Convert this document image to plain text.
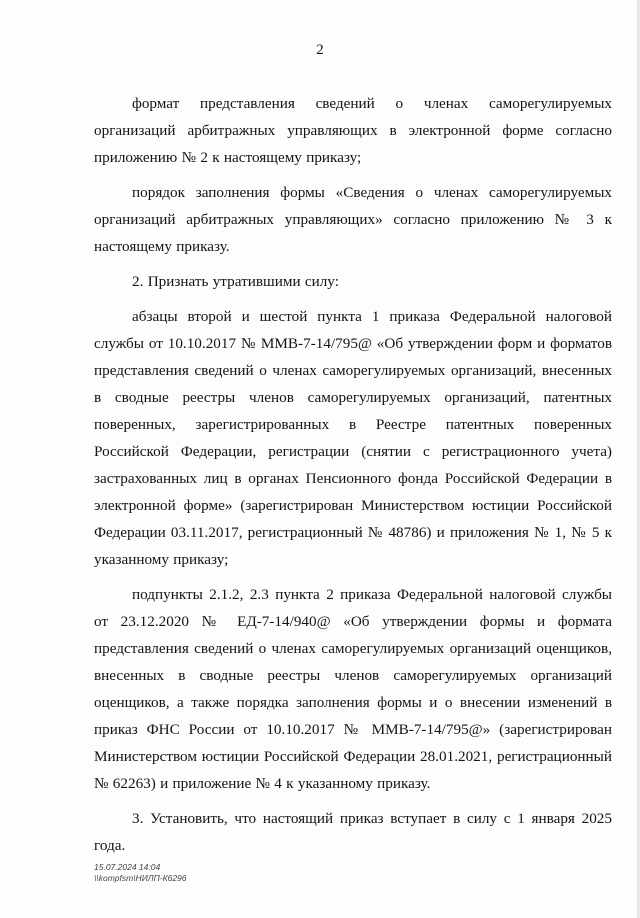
2

формат представления сведений о членах саморегулируемых организаций арбитражных управляющих в электронной форме согласно приложению № 2 к настоящему приказу;

порядок заполнения формы «Сведения о членах саморегулируемых организаций арбитражных управляющих» согласно приложению № 3 к настоящему приказу.

2. Признать утратившими силу:

абзацы второй и шестой пункта 1 приказа Федеральной налоговой службы от 10.10.2017 № ММВ-7-14/795@ «Об утверждении форм и форматов представления сведений о членах саморегулируемых организаций, внесенных в сводные реестры членов саморегулируемых организаций, патентных поверенных, зарегистрированных в Реестре патентных поверенных Российской Федерации, регистрации (снятии с регистрационного учета) застрахованных лиц в органах Пенсионного фонда Российской Федерации в электронной форме» (зарегистрирован Министерством юстиции Российской Федерации 03.11.2017, регистрационный № 48786) и приложения № 1, № 5 к указанному приказу;

подпункты 2.1.2, 2.3 пункта 2 приказа Федеральной налоговой службы от 23.12.2020 № ЕД-7-14/940@ «Об утверждении формы и формата представления сведений о членах саморегулируемых организаций оценщиков, внесенных в сводные реестры членов саморегулируемых организаций оценщиков, а также порядка заполнения формы и о внесении изменений в приказ ФНС России от 10.10.2017 № ММВ-7-14/795@» (зарегистрирован Министерством юстиции Российской Федерации 28.01.2021, регистрационный № 62263) и приложение № 4 к указанному приказу.

3. Установить, что настоящий приказ вступает в силу с 1 января 2025 года.

15.07.2024 14:04
\\kompfsm\НИЛП-К6296
